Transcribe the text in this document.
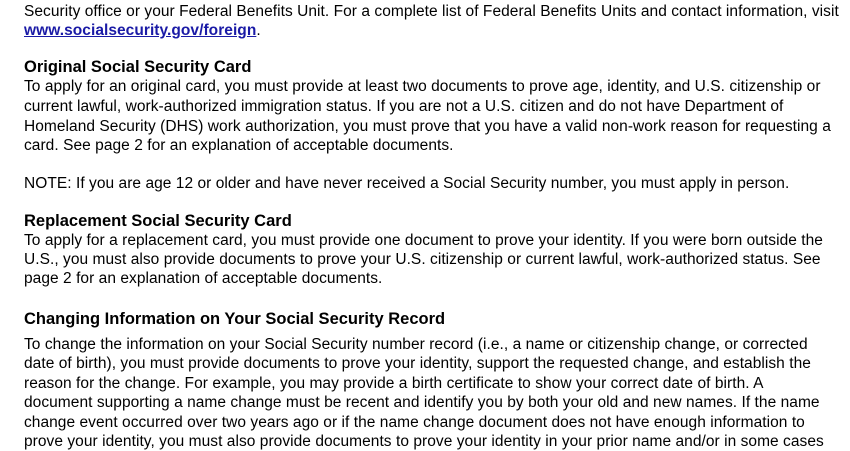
Security office or your Federal Benefits Unit. For a complete list of Federal Benefits Units and contact information, visit
www.socialsecurity.gov/foreign.
Original Social Security Card
To apply for an original card, you must provide at least two documents to prove age, identity, and U.S. citizenship or
current lawful, work-authorized immigration status. If you are not a U.S. citizen and do not have Department of
Homeland Security (DHS) work authorization, you must prove that you have a valid non-work reason for requesting a
card. See page 2 for an explanation of acceptable documents.
NOTE: If you are age 12 or older and have never received a Social Security number, you must apply in person.
Replacement Social Security Card
To apply for a replacement card, you must provide one document to prove your identity. If you were born outside the
U.S., you must also provide documents to prove your U.S. citizenship or current lawful, work-authorized status. See
page 2 for an explanation of acceptable documents.
Changing Information on Your Social Security Record
To change the information on your Social Security number record (i.e., a name or citizenship change, or corrected
date of birth), you must provide documents to prove your identity, support the requested change, and establish the
reason for the change. For example, you may provide a birth certificate to show your correct date of birth. A
document supporting a name change must be recent and identify you by both your old and new names. If the name
change event occurred over two years ago or if the name change document does not have enough information to
prove your identity, you must also provide documents to prove your identity in your prior name and/or in some cases
